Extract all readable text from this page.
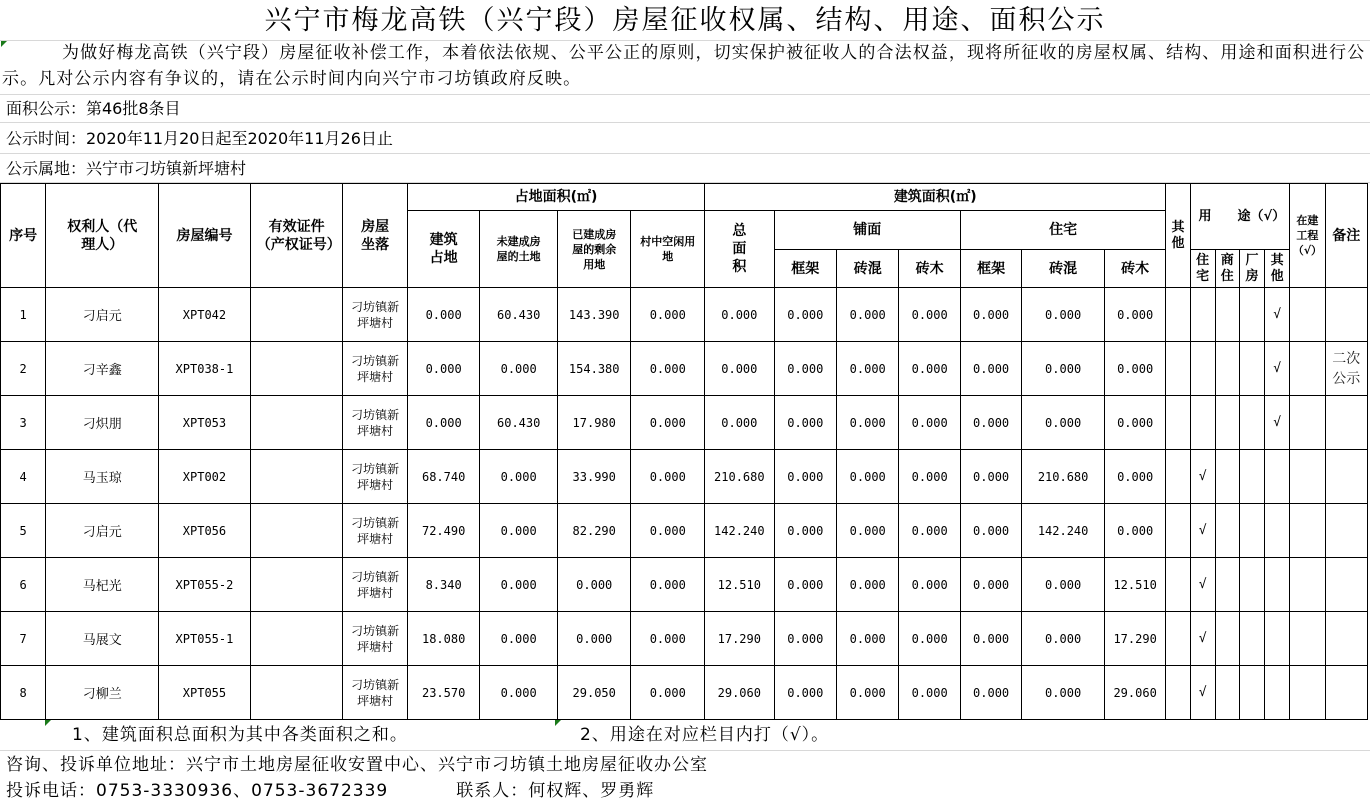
兴宁市梅龙高铁（兴宁段）房屋征收权属、结构、用途、面积公示
为做好梅龙高铁（兴宁段）房屋征收补偿工作，本着依法依规、公平公正的原则，切实保护被征收人的合法权益，现将所征收的房屋权属、结构、用途和面积进行公示。凡对公示内容有争议的，请在公示时间内向兴宁市刁坊镇政府反映。
面积公示：第46批8条目
公示时间：2020年11月20日起至2020年11月26日止
公示属地：兴宁市刁坊镇新坪塘村
序号	权利人（代理人）	房屋编号	有效证件（产权证号）	房屋坐落	占地面积(㎡)				建筑面积(㎡)							其他	用　　途（√）				在建工程（√）	备注
					建筑占地	未建成房屋的土地	已建成房屋的剩余用地	村中空闲用地	总面积	铺面			住宅									
										框架	砖混	砖木	框架	砖混	砖木		住宅	商住	厂房	其他		
1	刁启元	XPT042		刁坊镇新坪塘村	0.000	60.430	143.390	0.000	0.000	0.000	0.000	0.000	0.000	0.000	0.000					√		
2	刁辛鑫	XPT038-1		刁坊镇新坪塘村	0.000	0.000	154.380	0.000	0.000	0.000	0.000	0.000	0.000	0.000	0.000					√		二次公示
3	刁炽朋	XPT053		刁坊镇新坪塘村	0.000	60.430	17.980	0.000	0.000	0.000	0.000	0.000	0.000	0.000	0.000					√		
4	马玉琼	XPT002		刁坊镇新坪塘村	68.740	0.000	33.990	0.000	210.680	0.000	0.000	0.000	0.000	210.680	0.000		√					
5	刁启元	XPT056		刁坊镇新坪塘村	72.490	0.000	82.290	0.000	142.240	0.000	0.000	0.000	0.000	142.240	0.000		√					
6	马杞光	XPT055-2		刁坊镇新坪塘村	8.340	0.000	0.000	0.000	12.510	0.000	0.000	0.000	0.000	0.000	12.510		√					
7	马展文	XPT055-1		刁坊镇新坪塘村	18.080	0.000	0.000	0.000	17.290	0.000	0.000	0.000	0.000	0.000	17.290		√					
8	刁柳兰	XPT055		刁坊镇新坪塘村	23.570	0.000	29.050	0.000	29.060	0.000	0.000	0.000	0.000	0.000	29.060		√					
1、建筑面积总面积为其中各类面积之和。	2、用途在对应栏目内打（√）。
咨询、投诉单位地址：兴宁市土地房屋征收安置中心、兴宁市刁坊镇土地房屋征收办公室
投诉电话：0753-3330936、0753-3672339	联系人：何权辉、罗勇辉
